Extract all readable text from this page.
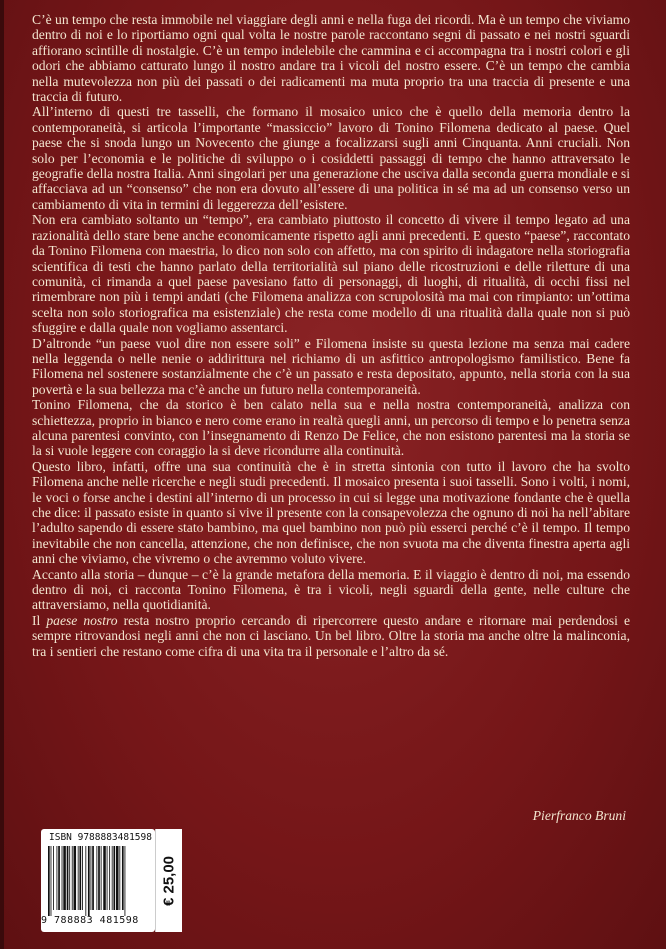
C’è un tempo che resta immobile nel viaggiare degli anni e nella fuga dei ricordi. Ma è un tempo che viviamo dentro di noi e lo riportiamo ogni qual volta le nostre parole raccontano segni di passato e nei nostri sguardi affiorano scintille di nostalgie. C’è un tempo indelebile che cammina e ci accompagna tra i nostri colori e gli odori che abbiamo catturato lungo il nostro andare tra i vicoli del nostro essere. C’è un tempo che cambia nella mutevolezza non più dei passati o dei radicamenti ma muta proprio tra una traccia di presente e una traccia di futuro.

All’interno di questi tre tasselli, che formano il mosaico unico che è quello della memoria dentro la contemporaneità, si articola l’importante “massiccio” lavoro di Tonino Filomena dedicato al paese. Quel paese che si snoda lungo un Novecento che giunge a focalizzarsi sugli anni Cinquanta. Anni cruciali. Non solo per l’economia e le politiche di sviluppo o i cosiddetti passaggi di tempo che hanno attraversato le geografie della nostra Italia. Anni singolari per una generazione che usciva dalla seconda guerra mondiale e si affacciava ad un “consenso” che non era dovuto all’essere di una politica in sé ma ad un consenso verso un cambiamento di vita in termini di leggerezza dell’esistere.

Non era cambiato soltanto un “tempo”, era cambiato piuttosto il concetto di vivere il tempo legato ad una razionalità dello stare bene anche economicamente rispetto agli anni precedenti. E questo “paese”, raccontato da Tonino Filomena con maestria, lo dico non solo con affetto, ma con spirito di indagatore nella storiografia scientifica di testi che hanno parlato della territorialità sul piano delle ricostruzioni e delle riletture di una comunità, ci rimanda a quel paese pavesiano fatto di personaggi, di luoghi, di ritualità, di occhi fissi nel rimembrare non più i tempi andati (che Filomena analizza con scrupolosità ma mai con rimpianto: un’ottima scelta non solo storiografica ma esistenziale) che resta come modello di una ritualità dalla quale non si può sfuggire e dalla quale non vogliamo assentarci.

D’altronde “un paese vuol dire non essere soli” e Filomena insiste su questa lezione ma senza mai cadere nella leggenda o nelle nenie o addirittura nel richiamo di un asfittico antropologismo familistico. Bene fa Filomena nel sostenere sostanzialmente che c’è un passato e resta depositato, appunto, nella storia con la sua povertà e la sua bellezza ma c’è anche un futuro nella contemporaneità.

Tonino Filomena, che da storico è ben calato nella sua e nella nostra contemporaneità, analizza con schiettezza, proprio in bianco e nero come erano in realtà quegli anni, un percorso di tempo e lo penetra senza alcuna parentesi convinto, con l’insegnamento di Renzo De Felice, che non esistono parentesi ma la storia se la si vuole leggere con coraggio la si deve ricondurre alla continuità.

Questo libro, infatti, offre una sua continuità che è in stretta sintonia con tutto il lavoro che ha svolto Filomena anche nelle ricerche e negli studi precedenti. Il mosaico presenta i suoi tasselli. Sono i volti, i nomi, le voci o forse anche i destini all’interno di un processo in cui si legge una motivazione fondante che è quella che dice: il passato esiste in quanto si vive il presente con la consapevolezza che ognuno di noi ha nell’abitare l’adulto sapendo di essere stato bambino, ma quel bambino non può più esserci perché c’è il tempo. Il tempo inevitabile che non cancella, attenzione, che non definisce, che non svuota ma che diventa finestra aperta agli anni che viviamo, che vivremo o che avremmo voluto vivere.

Accanto alla storia – dunque – c’è la grande metafora della memoria. E il viaggio è dentro di noi, ma essendo dentro di noi, ci racconta Tonino Filomena, è tra i vicoli, negli sguardi della gente, nelle culture che attraversiamo, nella quotidianità.

Il paese nostro resta nostro proprio cercando di ripercorrere questo andare e ritornare mai perdendosi e sempre ritrovandosi negli anni che non ci lasciano. Un bel libro. Oltre la storia ma anche oltre la malinconia, tra i sentieri che restano come cifra di una vita tra il personale e l’altro da sé.

Pierfranco Bruni
ISBN 9788883481598
9 788883 481598
€ 25,00
